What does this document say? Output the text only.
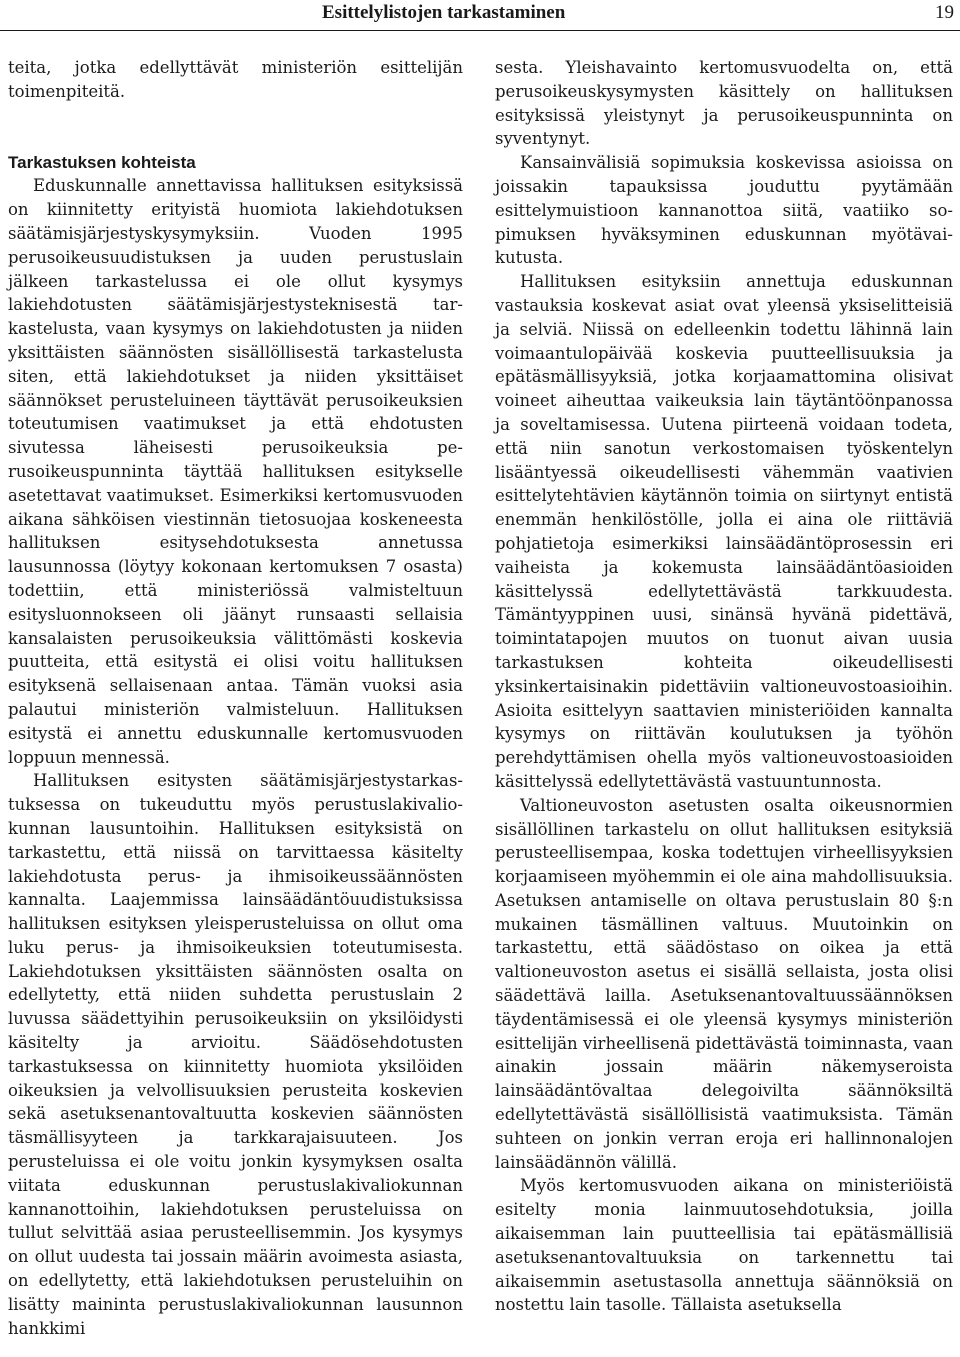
Esittelylistojen tarkastaminen	19

teita, jotka edellyttävät ministeriön esittelijän toimenpiteitä.

Tarkastuksen kohteista

Eduskunnalle annettavissa hallituksen esityksissä on kiinnitetty erityistä huomiota lakiehdotuksen säätämisjärjestyskysymyksiin. Vuoden 1995 perusoikeusuudistuksen ja uuden perustuslain jälkeen tarkastelussa ei ole ollut kysymys lakiehdotusten säätämisjärjestysteknisestä tarkastelusta, vaan kysymys on lakiehdotusten ja niiden yksittäisten säännösten sisällöllisestä tarkastelusta siten, että lakiehdotukset ja niiden yksittäiset säännökset perusteluineen täyttävät perusoikeuksien toteutumisen vaatimukset ja että ehdotusten sivutessa läheisesti perusoikeuksia perusoikeuspunninta täyttää hallituksen esitykselle asetettavat vaatimukset. Esimerkiksi kertomusvuoden aikana sähköisen viestinnän tietosuojaa koskeneesta hallituksen esitysehdotuksesta annetussa lausunnossa (löytyy kokonaan kertomuksen 7 osasta) todettiin, että ministeriössä valmisteltuun esitysluonnokseen oli jäänyt runsaasti sellaisia kansalaisten perusoikeuksia välittömästi koskevia puutteita, että esitystä ei olisi voitu hallituksen esityksenä sellaisenaan antaa. Tämän vuoksi asia palautui ministeriön valmisteluun. Hallituksen esitystä ei annettu eduskunnalle kertomusvuoden loppuun mennessä.

Hallituksen esitysten säätämisjärjestystarkastuksessa on tukeuduttu myös perustuslakivaliokunnan lausuntoihin. Hallituksen esityksistä on tarkastettu, että niissä on tarvittaessa käsitelty lakiehdotusta perus- ja ihmisoikeussäännösten kannalta. Laajemmissa lainsäädäntöuudistuksissa hallituksen esityksen yleisperusteluissa on ollut oma luku perus- ja ihmisoikeuksien toteutumisesta. Lakiehdotuksen yksittäisten säännösten osalta on edellytetty, että niiden suhdetta perustuslain 2 luvussa säädettyihin perusoikeuksiin on yksilöidysti käsitelty ja arvioitu. Säädösehdotusten tarkastuksessa on kiinnitetty huomiota yksilöiden oikeuksien ja velvollisuuksien perusteita koskevien sekä asetuksenantovaltuutta koskevien säännösten täsmällisyyteen ja tarkkarajaisuuteen. Jos perusteluissa ei ole voitu jonkin kysymyksen osalta viitata eduskunnan perustuslakivaliokunnan kannanottoihin, lakiehdotuksen perusteluissa on tullut selvittää asiaa perusteellisemmin. Jos kysymys on ollut uudesta tai jossain määrin avoimesta asiasta, on edellytetty, että lakiehdotuksen perusteluihin on lisätty maininta perustuslakivaliokunnan lausunnon hankkimi

sesta. Yleishavainto kertomusvuodelta on, että perusoikeuskysymysten käsittely on hallituksen esityksissä yleistynyt ja perusoikeuspunninta on syventynyt.

Kansainvälisiä sopimuksia koskevissa asioissa on joissakin tapauksissa jouduttu pyytämään esittelymuistioon kannanottoa siitä, vaatiiko sopimuksen hyväksyminen eduskunnan myötävaikutusta.

Hallituksen esityksiin annettuja eduskunnan vastauksia koskevat asiat ovat yleensä yksiselitteisiä ja selviä. Niissä on edelleenkin todettu lähinnä lain voimaantulopäivää koskevia puutteellisuuksia ja epätäsmällisyyksiä, jotka korjaamattomina olisivat voineet aiheuttaa vaikeuksia lain täytäntöönpanossa ja soveltamisessa. Uutena piirteenä voidaan todeta, että niin sanotun verkostomaisen työskentelyn lisääntyessä oikeudellisesti vähemmän vaativien esittelytehtävien käytännön toimia on siirtynyt entistä enemmän henkilöstölle, jolla ei aina ole riittäviä pohjatietoja esimerkiksi lainsäädäntöprosessin eri vaiheista ja kokemusta lainsäädäntöasioiden käsittelyssä edellytettävästä tarkkuudesta. Tämäntyyppinen uusi, sinänsä hyvänä pidettävä, toimintatapojen muutos on tuonut aivan uusia tarkastuksen kohteita oikeudellisesti yksinkertaisinakin pidettäviin valtioneuvostoasioihin. Asioita esittelyyn saattavien ministeriöiden kannalta kysymys on riittävän koulutuksen ja työhön perehdyttämisen ohella myös valtioneuvostoasioiden käsittelyssä edellytettävästä vastuuntunnosta.

Valtioneuvoston asetusten osalta oikeusnormien sisällöllinen tarkastelu on ollut hallituksen esityksiä perusteellisempaa, koska todettujen virheellisyyksien korjaamiseen myöhemmin ei ole aina mahdollisuuksia. Asetuksen antamiselle on oltava perustuslain 80 §:n mukainen täsmällinen valtuus. Muutoinkin on tarkastettu, että säädöstaso on oikea ja että valtioneuvoston asetus ei sisällä sellaista, josta olisi säädettävä lailla. Asetuksenantovaltuussäännöksen täydentämisessä ei ole yleensä kysymys ministeriön esittelijän virheellisenä pidettävästä toiminnasta, vaan ainakin jossain määrin näkemyseroista lainsäädäntövaltaa delegoivilta säännöksiltä edellytettävästä sisällöllisistä vaatimuksista. Tämän suhteen on jonkin verran eroja eri hallinnonalojen lainsäädännön välillä.

Myös kertomusvuoden aikana on ministeriöistä esitelty monia lainmuutosehdotuksia, joilla aikaisemman lain puutteellisia tai epätäsmällisiä asetuksenantovaltuuksia on tarkennettu tai aikaisemmin asetustasolla annettuja säännöksiä on nostettu lain tasolle. Tällaista asetuksella
